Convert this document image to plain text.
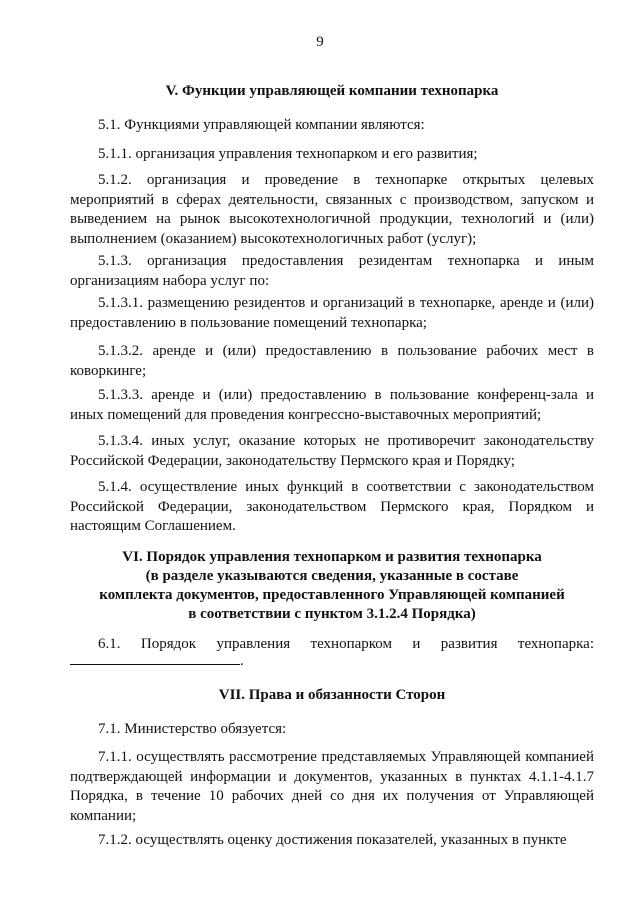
9
V. Функции управляющей компании технопарка
5.1. Функциями управляющей компании являются:
5.1.1. организация управления технопарком и его развития;
5.1.2. организация и проведение в технопарке открытых целевых мероприятий в сферах деятельности, связанных с производством, запуском и выведением на рынок высокотехнологичной продукции, технологий и (или) выполнением (оказанием) высокотехнологичных работ (услуг);
5.1.3. организация предоставления резидентам технопарка и иным организациям набора услуг по:
5.1.3.1. размещению резидентов и организаций в технопарке, аренде и (или) предоставлению в пользование помещений технопарка;
5.1.3.2. аренде и (или) предоставлению в пользование рабочих мест в коворкинге;
5.1.3.3. аренде и (или) предоставлению в пользование конференц-зала и иных помещений для проведения конгрессно-выставочных мероприятий;
5.1.3.4. иных услуг, оказание которых не противоречит законодательству Российской Федерации, законодательству Пермского края и Порядку;
5.1.4. осуществление иных функций в соответствии с законодательством Российской Федерации, законодательством Пермского края, Порядком и настоящим Соглашением.
VI. Порядок управления технопарком и развития технопарка
(в разделе указываются сведения, указанные в составе
комплекта документов, предоставленного Управляющей компанией
в соответствии с пунктом 3.1.2.4 Порядка)
6.1. Порядок управления технопарком и развития технопарка:
.
VII. Права и обязанности Сторон
7.1. Министерство обязуется:
7.1.1. осуществлять рассмотрение представляемых Управляющей компанией подтверждающей информации и документов, указанных в пунктах 4.1.1-4.1.7 Порядка, в течение 10 рабочих дней со дня их получения от Управляющей компании;
7.1.2. осуществлять оценку достижения показателей, указанных в пункте
